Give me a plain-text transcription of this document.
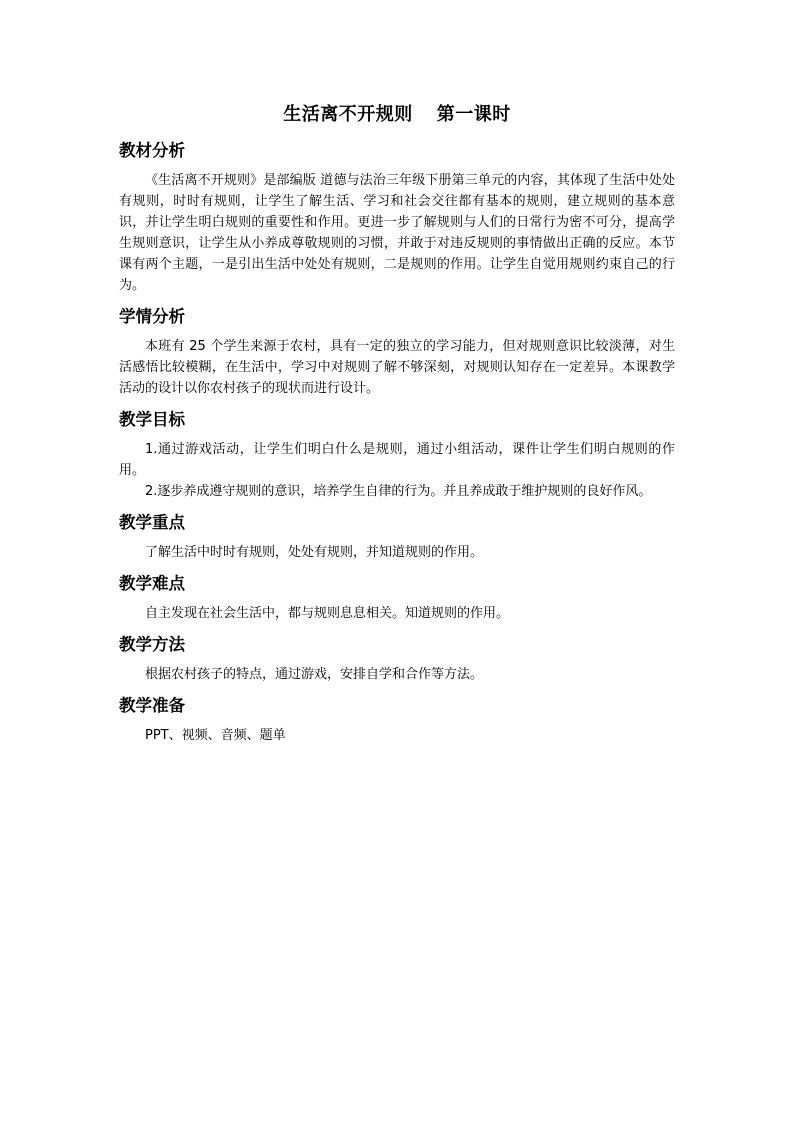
生活离不开规则 第一课时
教材分析

《生活离不开规则》是部编版 道德与法治三年级下册第三单元的内容，其体现了生活中处处有规则，时时有规则，让学生了解生活、学习和社会交往都有基本的规则，建立规则的基本意识，并让学生明白规则的重要性和作用。更进一步了解规则与人们的日常行为密不可分，提高学生规则意识，让学生从小养成尊敬规则的习惯，并敢于对违反规则的事情做出正确的反应。本节课有两个主题，一是引出生活中处处有规则，二是规则的作用。让学生自觉用规则约束自己的行为。

学情分析

本班有 25 个学生来源于农村，具有一定的独立的学习能力，但对规则意识比较淡薄，对生活感悟比较模糊，在生活中，学习中对规则了解不够深刻，对规则认知存在一定差异。本课教学活动的设计以你农村孩子的现状而进行设计。

教学目标

1.通过游戏活动，让学生们明白什么是规则，通过小组活动，课件让学生们明白规则的作用。

2.逐步养成遵守规则的意识，培养学生自律的行为。并且养成敢于维护规则的良好作风。

教学重点

了解生活中时时有规则，处处有规则，并知道规则的作用。

教学难点

自主发现在社会生活中，都与规则息息相关。知道规则的作用。

教学方法

根据农村孩子的特点，通过游戏，安排自学和合作等方法。

教学准备

PPT、视频、音频、题单
